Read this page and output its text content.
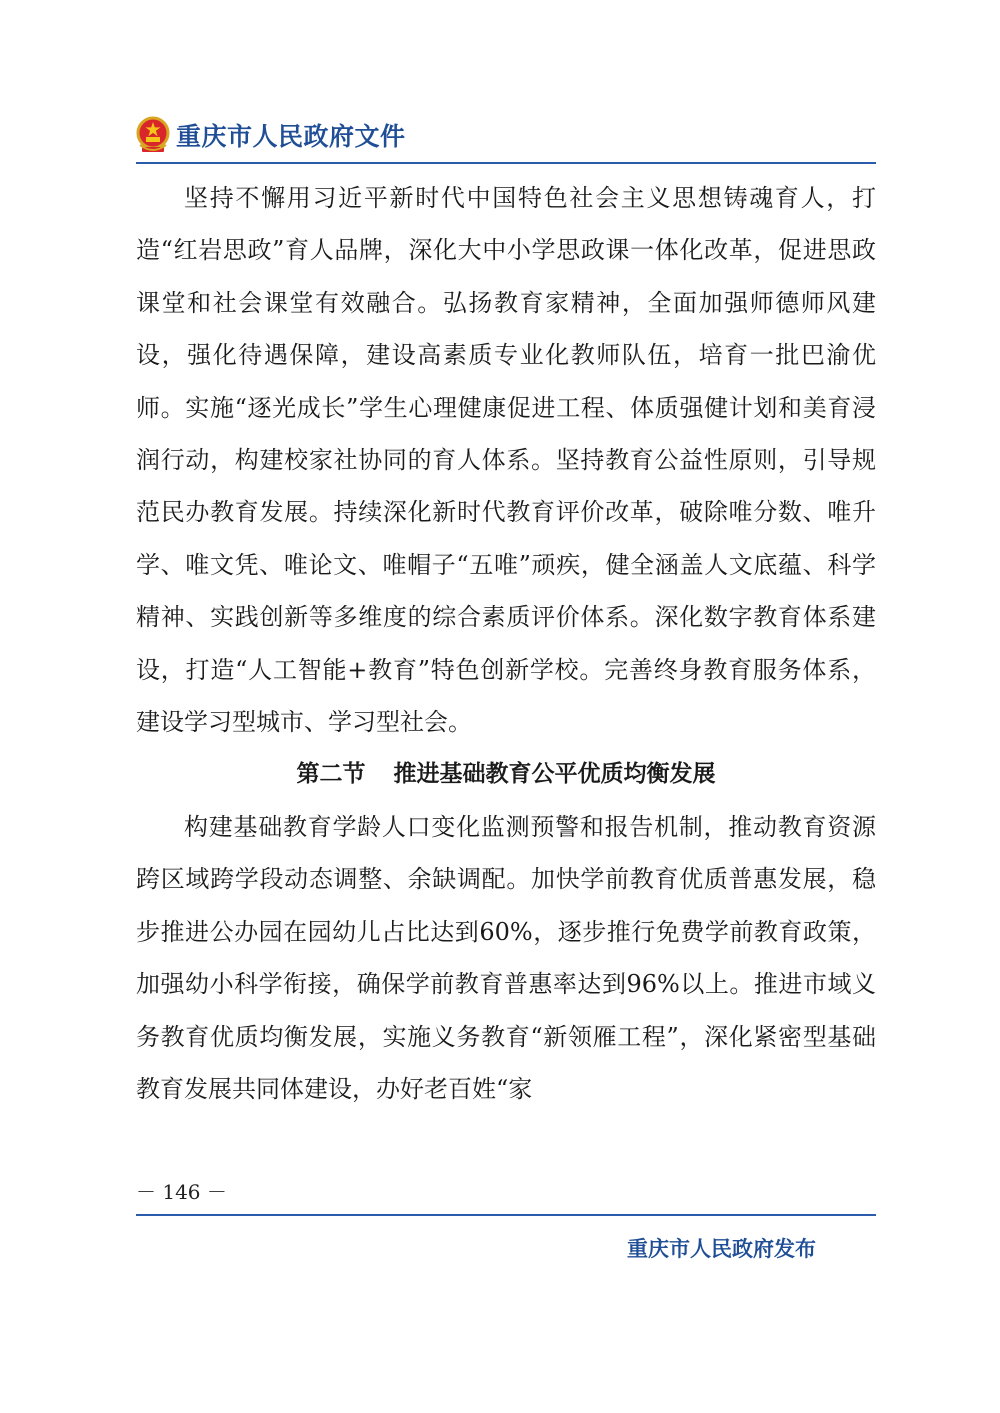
重庆市人民政府文件

坚持不懈用习近平新时代中国特色社会主义思想铸魂育人，打造“红岩思政”育人品牌，深化大中小学思政课一体化改革，促进思政课堂和社会课堂有效融合。弘扬教育家精神，全面加强师德师风建设，强化待遇保障，建设高素质专业化教师队伍，培育一批巴渝优师。实施“逐光成长”学生心理健康促进工程、体质强健计划和美育浸润行动，构建校家社协同的育人体系。坚持教育公益性原则，引导规范民办教育发展。持续深化新时代教育评价改革，破除唯分数、唯升学、唯文凭、唯论文、唯帽子“五唯”顽疾，健全涵盖人文底蕴、科学精神、实践创新等多维度的综合素质评价体系。深化数字教育体系建设，打造“人工智能+教育”特色创新学校。完善终身教育服务体系，建设学习型城市、学习型社会。

第二节 推进基础教育公平优质均衡发展

构建基础教育学龄人口变化监测预警和报告机制，推动教育资源跨区域跨学段动态调整、余缺调配。加快学前教育优质普惠发展，稳步推进公办园在园幼儿占比达到60%，逐步推行免费学前教育政策，加强幼小科学衔接，确保学前教育普惠率达到96%以上。推进市域义务教育优质均衡发展，实施义务教育“新领雁工程”，深化紧密型基础教育发展共同体建设，办好老百姓“家

－ 146 －
重庆市人民政府发布
